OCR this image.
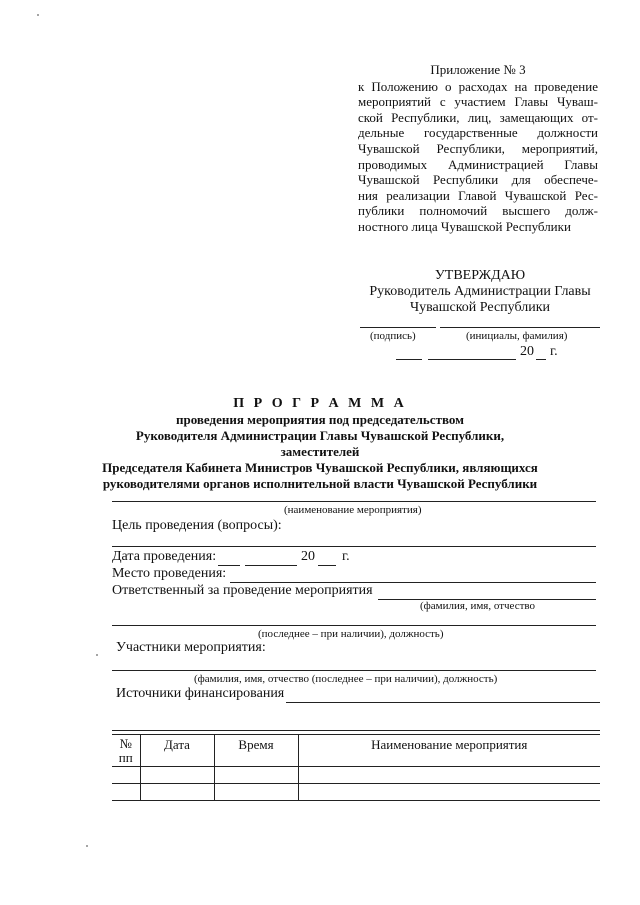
Приложение № 3
к Положению о расходах на проведение
мероприятий с участием Главы Чуваш-
ской Республики, лиц, замещающих от-
дельные государственные должности
Чувашской Республики, мероприятий,
проводимых Администрацией Главы
Чувашской Республики для обеспече-
ния реализации Главой Чувашской Рес-
публики полномочий высшего долж-
ностного лица Чувашской Республики
УТВЕРЖДАЮ
Руководитель Администрации Главы
Чувашской Республики
(подпись)	(инициалы, фамилия)
20 г.
П Р О Г Р А М М А
проведения мероприятия под председательством
Руководителя Администрации Главы Чувашской Республики, заместителей
Председателя Кабинета Министров Чувашской Республики, являющихся
руководителями органов исполнительной власти Чувашской Республики
(наименование мероприятия)
Цель проведения (вопросы):
Дата проведения:	20 г.
Место проведения:
Ответственный за проведение мероприятия
(фамилия, имя, отчество
(последнее – при наличии), должность)
Участники мероприятия:
(фамилия, имя, отчество (последнее – при наличии), должность)
Источники финансирования
№ пп	Дата	Время	Наименование мероприятия
